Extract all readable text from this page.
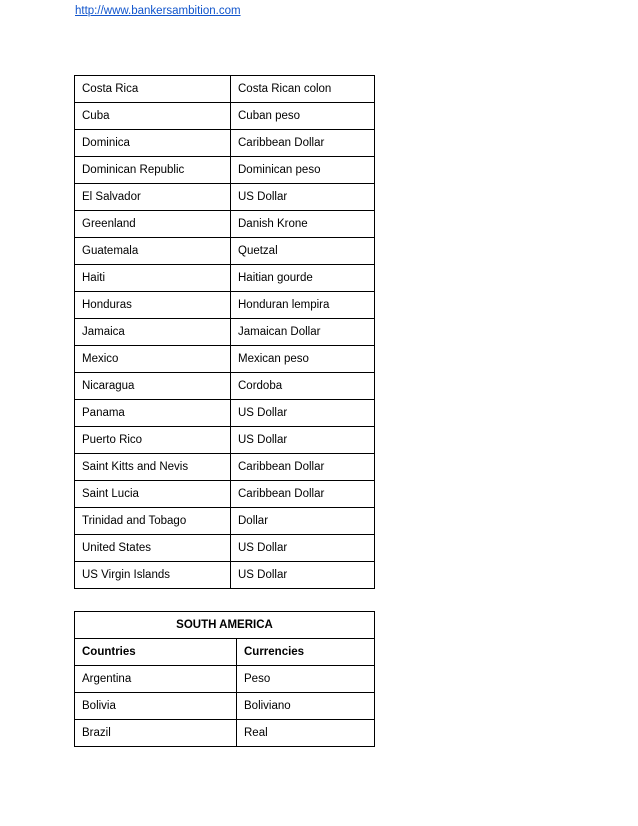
http://www.bankersambition.com
Costa Rica	Costa Rican colon
Cuba	Cuban peso
Dominica	Caribbean Dollar
Dominican Republic	Dominican peso
El Salvador	US Dollar
Greenland	Danish Krone
Guatemala	Quetzal
Haiti	Haitian gourde
Honduras	Honduran lempira
Jamaica	Jamaican Dollar
Mexico	Mexican peso
Nicaragua	Cordoba
Panama	US Dollar
Puerto Rico	US Dollar
Saint Kitts and Nevis	Caribbean Dollar
Saint Lucia	Caribbean Dollar
Trinidad and Tobago	Dollar
United States	US Dollar
US Virgin Islands	US Dollar
SOUTH AMERICA	
Countries	Currencies
Argentina	Peso
Bolivia	Boliviano
Brazil	Real
